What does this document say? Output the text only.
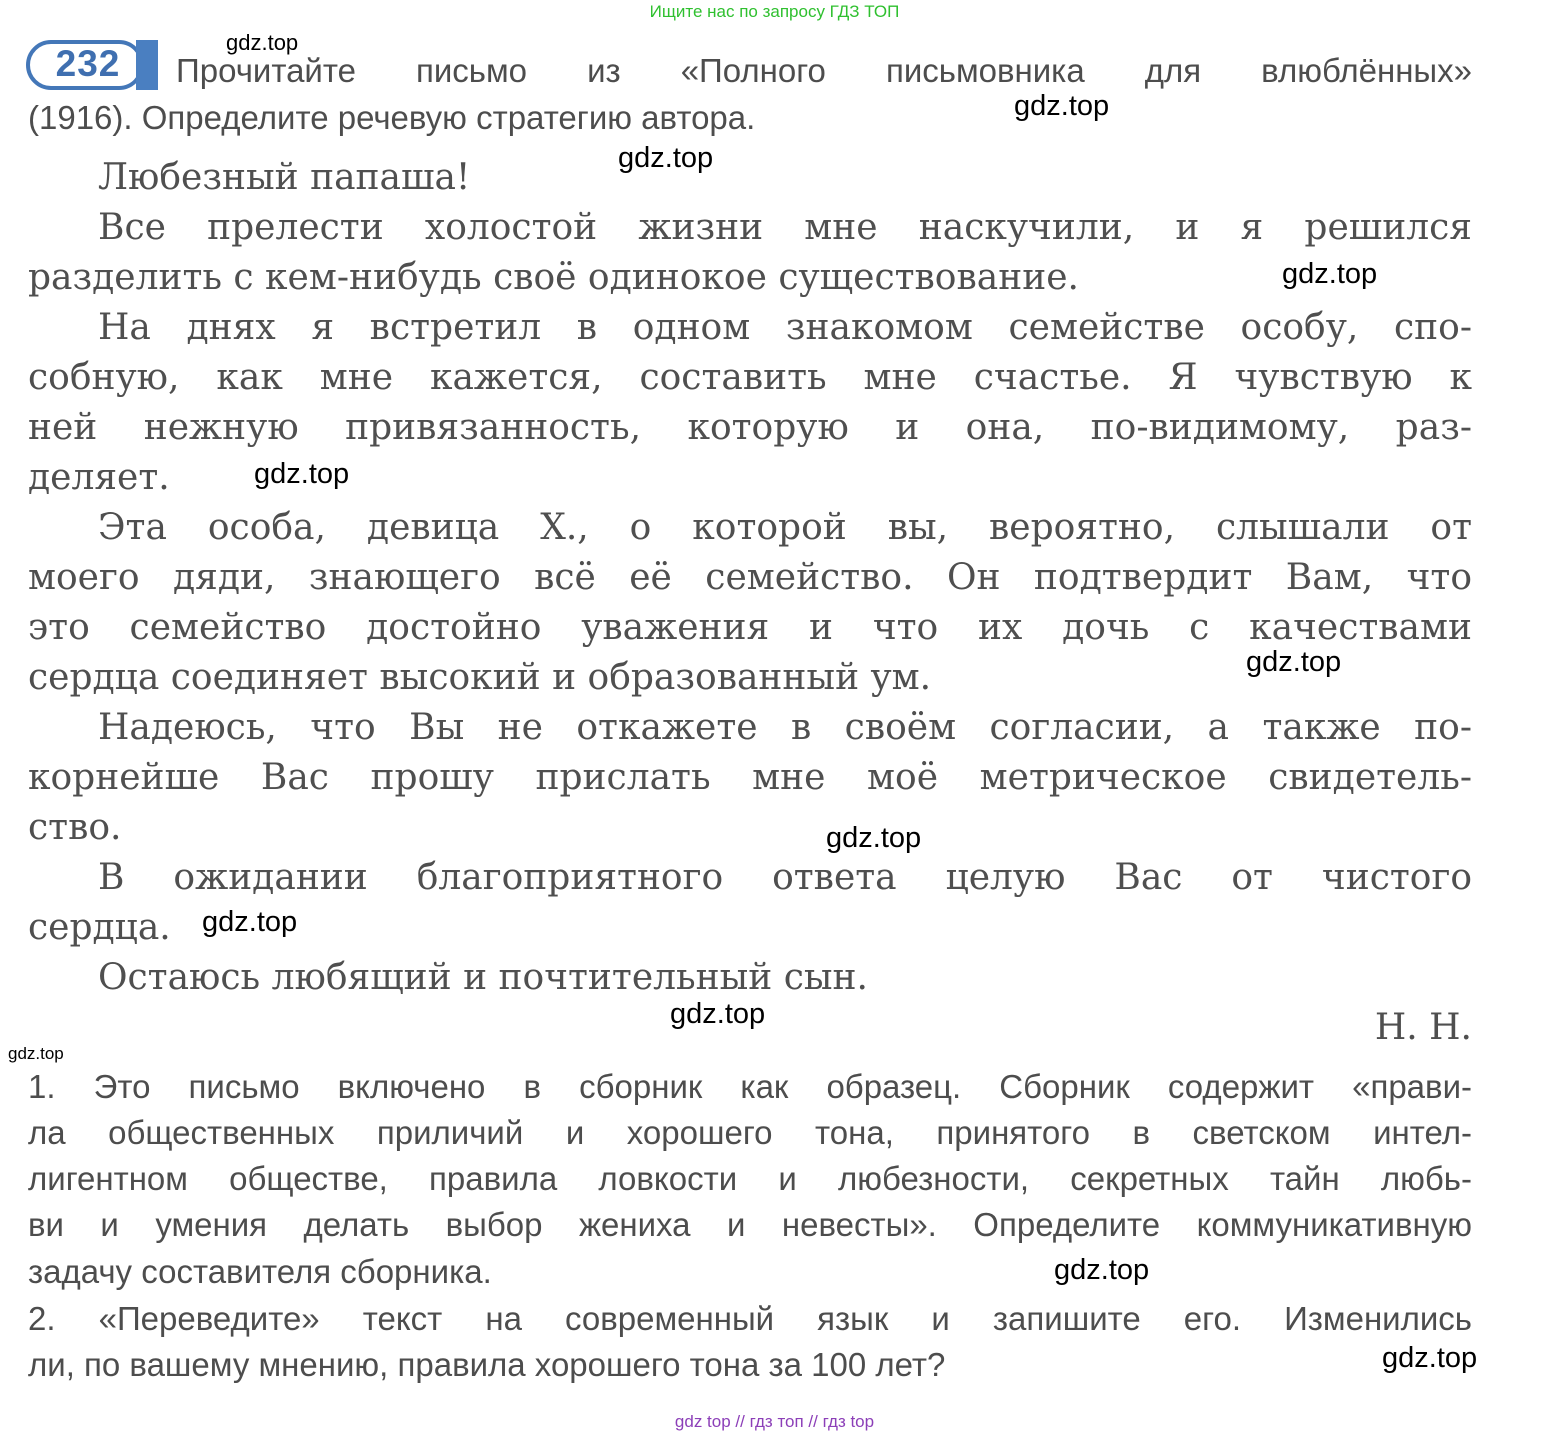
Ищите нас по запросу ГДЗ ТОП
232	Прочитайте письмо из «Полного письмовника для влюблённых»
(1916). Определите речевую стратегию автора.
Любезный папаша!
Все прелести холостой жизни мне наскучили, и я решился
разделить с кем-нибудь своё одинокое существование.
На днях я встретил в одном знакомом семействе особу, спо-
собную, как мне кажется, составить мне счастье. Я чувствую к
ней нежную привязанность, которую и она, по-видимому, раз-
деляет.
Эта особа, девица Х., о которой вы, вероятно, слышали от
моего дяди, знающего всё её семейство. Он подтвердит Вам, что
это семейство достойно уважения и что их дочь с качествами
сердца соединяет высокий и образованный ум.
Надеюсь, что Вы не откажете в своём согласии, а также по-
корнейше Вас прошу прислать мне моё метрическое свидетель-
ство.
В ожидании благоприятного ответа целую Вас от чистого
сердца.
Остаюсь любящий и почтительный сын.
Н. Н.
1. Это письмо включено в сборник как образец. Сборник содержит «прави-
ла общественных приличий и хорошего тона, принятого в светском интел-
лигентном обществе, правила ловкости и любезности, секретных тайн любь-
ви и умения делать выбор жениха и невесты». Определите коммуникативную
задачу составителя сборника.
2. «Переведите» текст на современный язык и запишите его. Изменились
ли, по вашему мнению, правила хорошего тона за 100 лет?
gdz.top
gdz.top
gdz.top
gdz.top
gdz.top
gdz.top
gdz.top
gdz.top
gdz.top
gdz.top
gdz.top
gdz.top
gdz top // гдз топ // гдз top
